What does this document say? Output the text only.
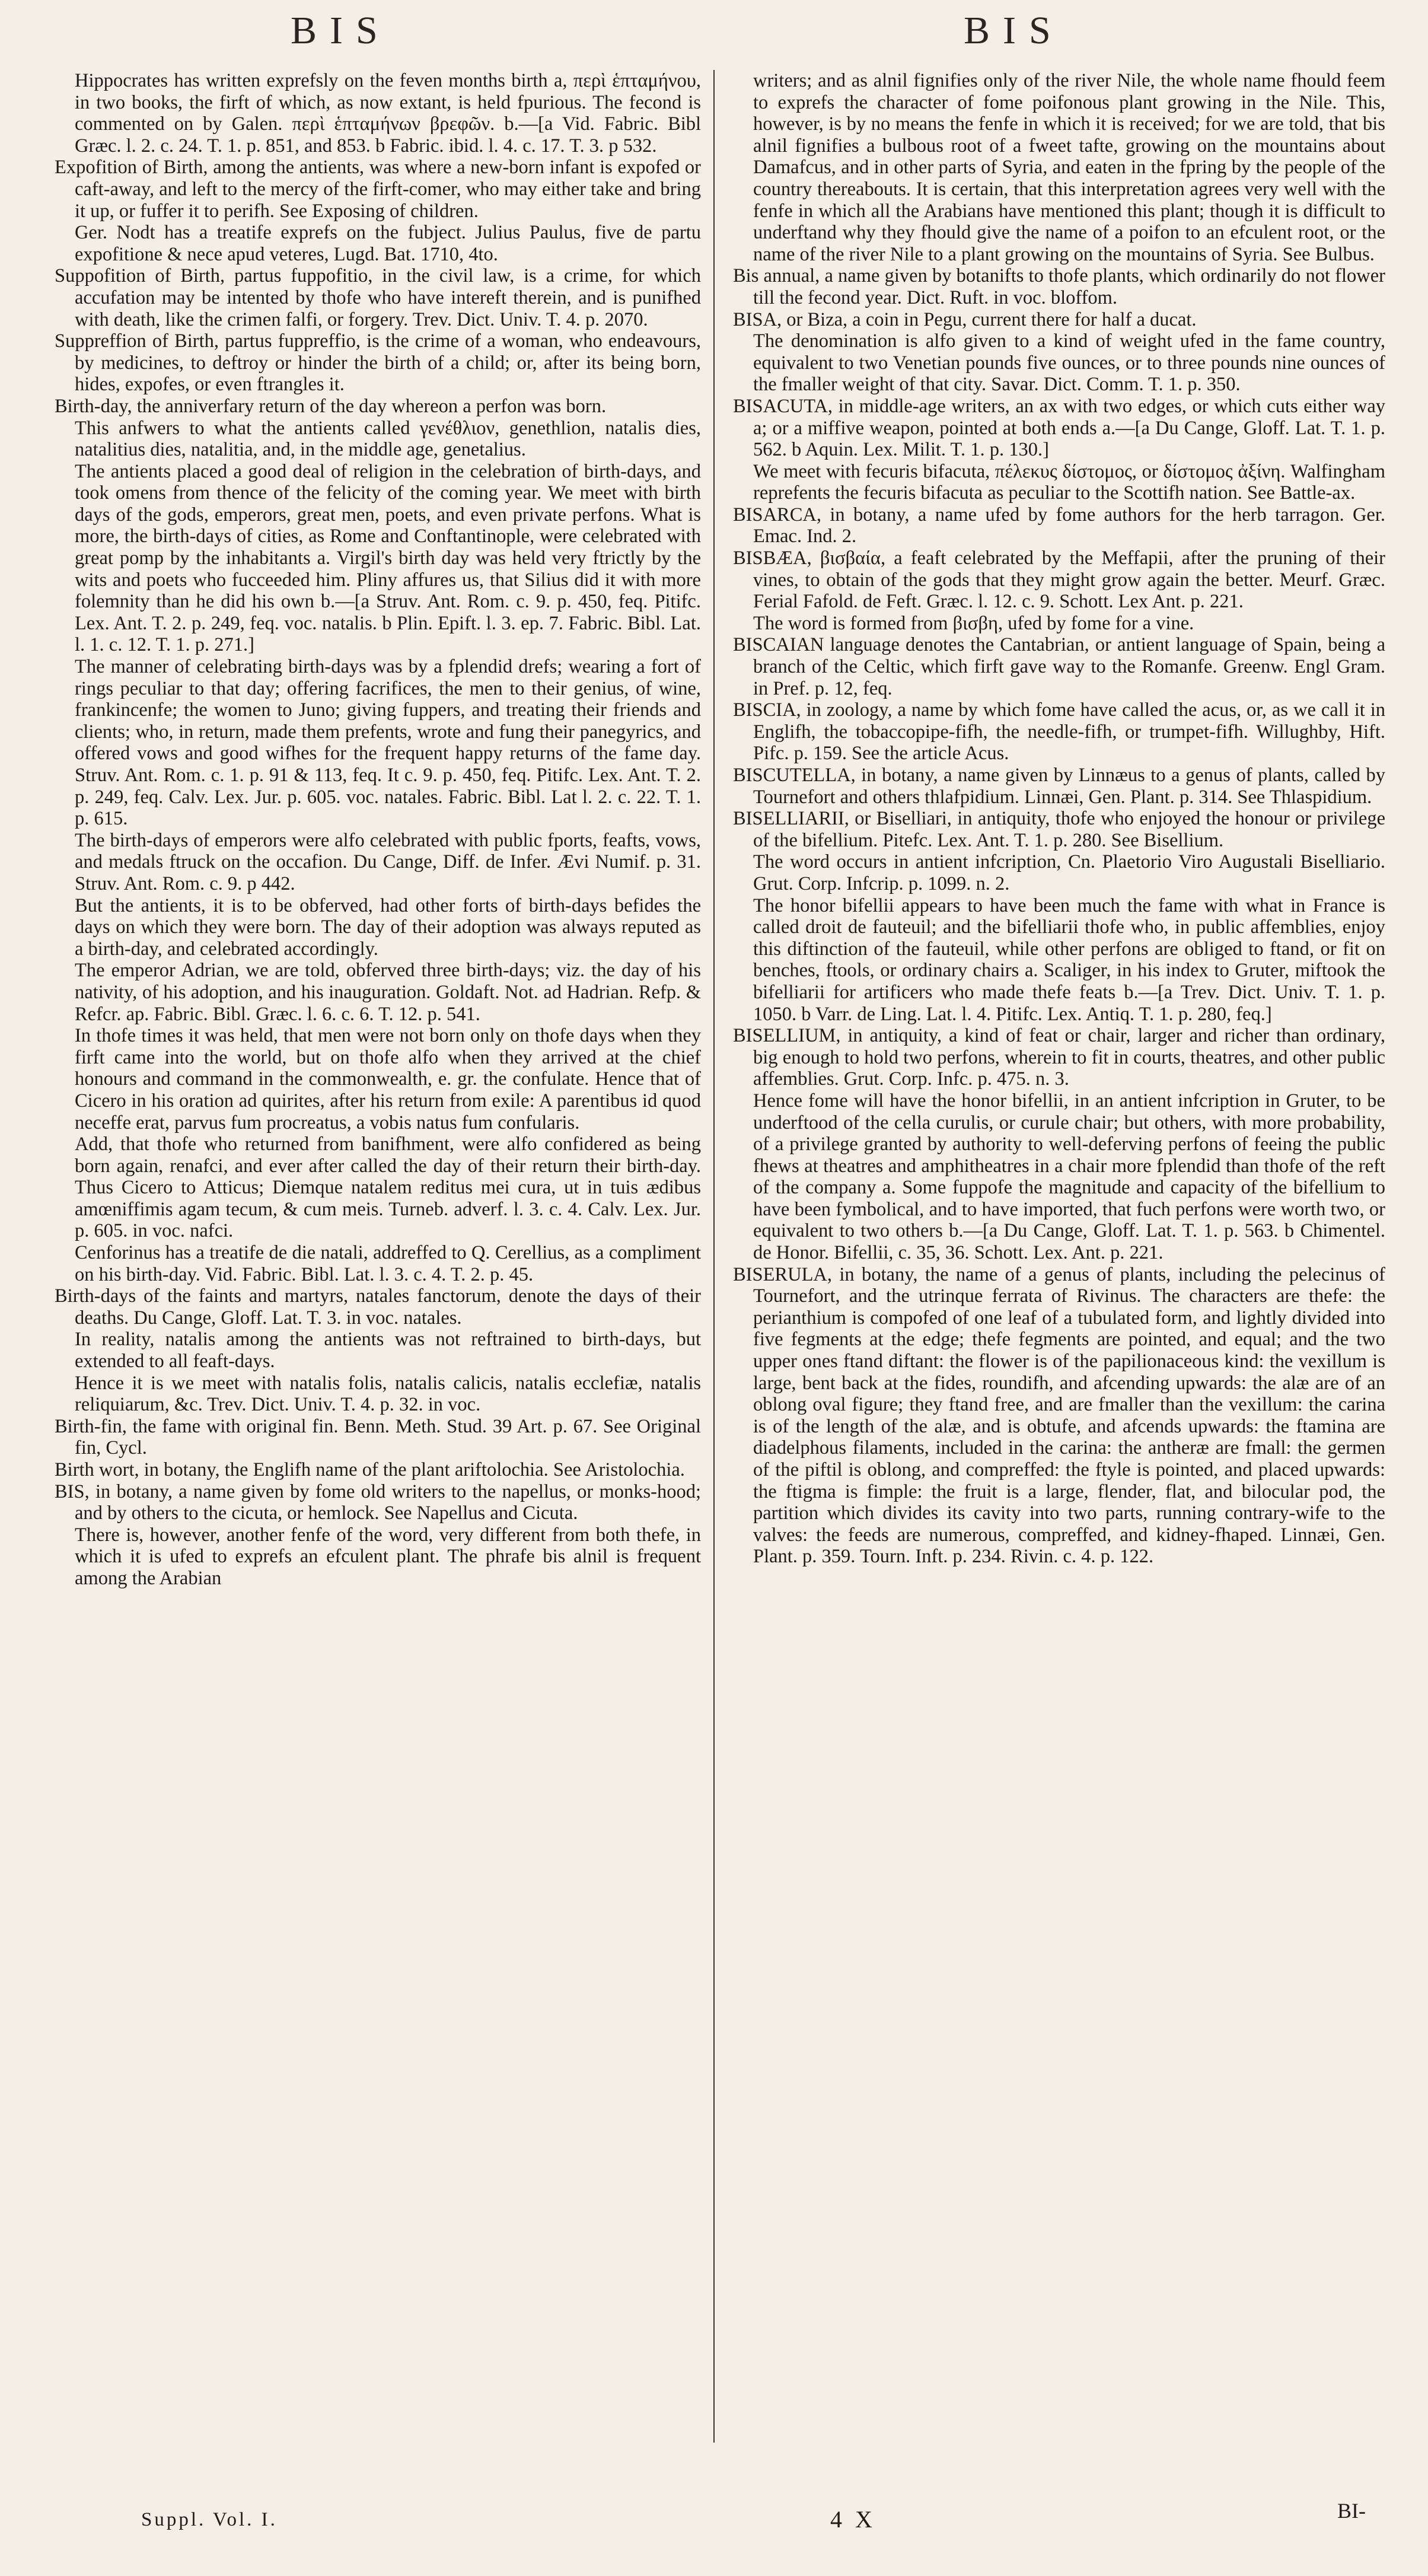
BIS	BIS

Hippocrates has written exprefsly on the feven months birth a, περὶ ἑπταμήνου, in two books, the firft of which, as now extant, is held fpurious. The fecond is commented on by Galen. περὶ ἑπταμήνων βρεφῶν. b.—[a Vid. Fabric. Bibl Græc. l. 2. c. 24. T. 1. p. 851, and 853. b Fabric. ibid. l. 4. c. 17. T. 3. p 532.

Expofition of Birth, among the antients, was where a new-born infant is expofed or caft-away, and left to the mercy of the firft-comer, who may either take and bring it up, or fuffer it to perifh. See Exposing of children.

Ger. Nodt has a treatife exprefs on the fubject. Julius Paulus, five de partu expofitione & nece apud veteres, Lugd. Bat. 1710, 4to.

Suppofition of Birth, partus fuppofitio, in the civil law, is a crime, for which accufation may be intented by thofe who have intereft therein, and is punifhed with death, like the crimen falfi, or forgery. Trev. Dict. Univ. T. 4. p. 2070.

Suppreffion of Birth, partus fuppreffio, is the crime of a woman, who endeavours, by medicines, to deftroy or hinder the birth of a child; or, after its being born, hides, expofes, or even ftrangles it.

Birth-day, the anniverfary return of the day whereon a perfon was born.

This anfwers to what the antients called γενέθλιον, genethlion, natalis dies, natalitius dies, natalitia, and, in the middle age, genetalius.

The antients placed a good deal of religion in the celebration of birth-days, and took omens from thence of the felicity of the coming year. We meet with birth days of the gods, emperors, great men, poets, and even private perfons. What is more, the birth-days of cities, as Rome and Conftantinople, were celebrated with great pomp by the inhabitants a. Virgil's birth day was held very ftrictly by the wits and poets who fucceeded him. Pliny affures us, that Silius did it with more folemnity than he did his own b.—[a Struv. Ant. Rom. c. 9. p. 450, feq. Pitifc. Lex. Ant. T. 2. p. 249, feq. voc. natalis. b Plin. Epift. l. 3. ep. 7. Fabric. Bibl. Lat. l. 1. c. 12. T. 1. p. 271.]

The manner of celebrating birth-days was by a fplendid drefs; wearing a fort of rings peculiar to that day; offering facrifices, the men to their genius, of wine, frankincenfe; the women to Juno; giving fuppers, and treating their friends and clients; who, in return, made them prefents, wrote and fung their panegyrics, and offered vows and good wifhes for the frequent happy returns of the fame day. Struv. Ant. Rom. c. 1. p. 91 & 113, feq. It c. 9. p. 450, feq. Pitifc. Lex. Ant. T. 2. p. 249, feq. Calv. Lex. Jur. p. 605. voc. natales. Fabric. Bibl. Lat l. 2. c. 22. T. 1. p. 615.

The birth-days of emperors were alfo celebrated with public fports, feafts, vows, and medals ftruck on the occafion. Du Cange, Diff. de Infer. Ævi Numif. p. 31. Struv. Ant. Rom. c. 9. p 442.

But the antients, it is to be obferved, had other forts of birth-days befides the days on which they were born. The day of their adoption was always reputed as a birth-day, and celebrated accordingly.

The emperor Adrian, we are told, obferved three birth-days; viz. the day of his nativity, of his adoption, and his inauguration. Goldaft. Not. ad Hadrian. Refp. & Refcr. ap. Fabric. Bibl. Græc. l. 6. c. 6. T. 12. p. 541.

In thofe times it was held, that men were not born only on thofe days when they firft came into the world, but on thofe alfo when they arrived at the chief honours and command in the commonwealth, e. gr. the confulate. Hence that of Cicero in his oration ad quirites, after his return from exile: A parentibus id quod neceffe erat, parvus fum procreatus, a vobis natus fum confularis.

Add, that thofe who returned from banifhment, were alfo confidered as being born again, renafci, and ever after called the day of their return their birth-day. Thus Cicero to Atticus; Diemque natalem reditus mei cura, ut in tuis ædibus amœniffimis agam tecum, & cum meis. Turneb. adverf. l. 3. c. 4. Calv. Lex. Jur. p. 605. in voc. nafci.

Cenforinus has a treatife de die natali, addreffed to Q. Cerellius, as a compliment on his birth-day. Vid. Fabric. Bibl. Lat. l. 3. c. 4. T. 2. p. 45.

Birth-days of the faints and martyrs, natales fanctorum, denote the days of their deaths. Du Cange, Gloff. Lat. T. 3. in voc. natales.

In reality, natalis among the antients was not reftrained to birth-days, but extended to all feaft-days.

Hence it is we meet with natalis folis, natalis calicis, natalis ecclefiæ, natalis reliquiarum, &c. Trev. Dict. Univ. T. 4. p. 32. in voc.

Birth-fin, the fame with original fin. Benn. Meth. Stud. 39 Art. p. 67. See Original fin, Cycl.

Birth wort, in botany, the Englifh name of the plant ariftolochia. See Aristolochia.

BIS, in botany, a name given by fome old writers to the napellus, or monks-hood; and by others to the cicuta, or hemlock. See Napellus and Cicuta.

There is, however, another fenfe of the word, very different from both thefe, in which it is ufed to exprefs an efculent plant. The phrafe bis alnil is frequent among the Arabian

writers; and as alnil fignifies only of the river Nile, the whole name fhould feem to exprefs the character of fome poifonous plant growing in the Nile. This, however, is by no means the fenfe in which it is received; for we are told, that bis alnil fignifies a bulbous root of a fweet tafte, growing on the mountains about Damafcus, and in other parts of Syria, and eaten in the fpring by the people of the country thereabouts. It is certain, that this interpretation agrees very well with the fenfe in which all the Arabians have mentioned this plant; though it is difficult to underftand why they fhould give the name of a poifon to an efculent root, or the name of the river Nile to a plant growing on the mountains of Syria. See Bulbus.

Bis annual, a name given by botanifts to thofe plants, which ordinarily do not flower till the fecond year. Dict. Ruft. in voc. bloffom.

BISA, or Biza, a coin in Pegu, current there for half a ducat.

The denomination is alfo given to a kind of weight ufed in the fame country, equivalent to two Venetian pounds five ounces, or to three pounds nine ounces of the fmaller weight of that city. Savar. Dict. Comm. T. 1. p. 350.

BISACUTA, in middle-age writers, an ax with two edges, or which cuts either way a; or a miffive weapon, pointed at both ends a.—[a Du Cange, Gloff. Lat. T. 1. p. 562. b Aquin. Lex. Milit. T. 1. p. 130.]

We meet with fecuris bifacuta, πέλεκυς δίστομος, or δίστομος ἀξίνη. Walfingham reprefents the fecuris bifacuta as peculiar to the Scottifh nation. See Battle-ax.

BISARCA, in botany, a name ufed by fome authors for the herb tarragon. Ger. Emac. Ind. 2.

BISBÆA, βισβαία, a feaft celebrated by the Meffapii, after the pruning of their vines, to obtain of the gods that they might grow again the better. Meurf. Græc. Ferial Fafold. de Feft. Græc. l. 12. c. 9. Schott. Lex Ant. p. 221.

The word is formed from βισβη, ufed by fome for a vine.

BISCAIAN language denotes the Cantabrian, or antient language of Spain, being a branch of the Celtic, which firft gave way to the Romanfe. Greenw. Engl Gram. in Pref. p. 12, feq.

BISCIA, in zoology, a name by which fome have called the acus, or, as we call it in Englifh, the tobaccopipe-fifh, the needle-fifh, or trumpet-fifh. Willughby, Hift. Pifc. p. 159. See the article Acus.

BISCUTELLA, in botany, a name given by Linnæus to a genus of plants, called by Tournefort and others thlafpidium. Linnæi, Gen. Plant. p. 314. See Thlaspidium.

BISELLIARII, or Biselliari, in antiquity, thofe who enjoyed the honour or privilege of the bifellium. Pitefc. Lex. Ant. T. 1. p. 280. See Bisellium.

The word occurs in antient infcription, Cn. Plaetorio Viro Augustali Biselliario. Grut. Corp. Infcrip. p. 1099. n. 2.

The honor bifellii appears to have been much the fame with what in France is called droit de fauteuil; and the bifelliarii thofe who, in public affemblies, enjoy this diftinction of the fauteuil, while other perfons are obliged to ftand, or fit on benches, ftools, or ordinary chairs a. Scaliger, in his index to Gruter, miftook the bifelliarii for artificers who made thefe feats b.—[a Trev. Dict. Univ. T. 1. p. 1050. b Varr. de Ling. Lat. l. 4. Pitifc. Lex. Antiq. T. 1. p. 280, feq.]

BISELLIUM, in antiquity, a kind of feat or chair, larger and richer than ordinary, big enough to hold two perfons, wherein to fit in courts, theatres, and other public affemblies. Grut. Corp. Infc. p. 475. n. 3.

Hence fome will have the honor bifellii, in an antient infcription in Gruter, to be underftood of the cella curulis, or curule chair; but others, with more probability, of a privilege granted by authority to well-deferving perfons of feeing the public fhews at theatres and amphitheatres in a chair more fplendid than thofe of the reft of the company a. Some fuppofe the magnitude and capacity of the bifellium to have been fymbolical, and to have imported, that fuch perfons were worth two, or equivalent to two others b.—[a Du Cange, Gloff. Lat. T. 1. p. 563. b Chimentel. de Honor. Bifellii, c. 35, 36. Schott. Lex. Ant. p. 221.

BISERULA, in botany, the name of a genus of plants, including the pelecinus of Tournefort, and the utrinque ferrata of Rivinus. The characters are thefe: the perianthium is compofed of one leaf of a tubulated form, and lightly divided into five fegments at the edge; thefe fegments are pointed, and equal; and the two upper ones ftand diftant: the flower is of the papilionaceous kind: the vexillum is large, bent back at the fides, roundifh, and afcending upwards: the alæ are of an oblong oval figure; they ftand free, and are fmaller than the vexillum: the carina is of the length of the alæ, and is obtufe, and afcends upwards: the ftamina are diadelphous filaments, included in the carina: the antheræ are fmall: the germen of the piftil is oblong, and compreffed: the ftyle is pointed, and placed upwards: the ftigma is fimple: the fruit is a large, flender, flat, and bilocular pod, the partition which divides its cavity into two parts, running contrary-wife to the valves: the feeds are numerous, compreffed, and kidney-fhaped. Linnæi, Gen. Plant. p. 359. Tourn. Inft. p. 234. Rivin. c. 4. p. 122.

Suppl. Vol. I.	4 X	BI-
